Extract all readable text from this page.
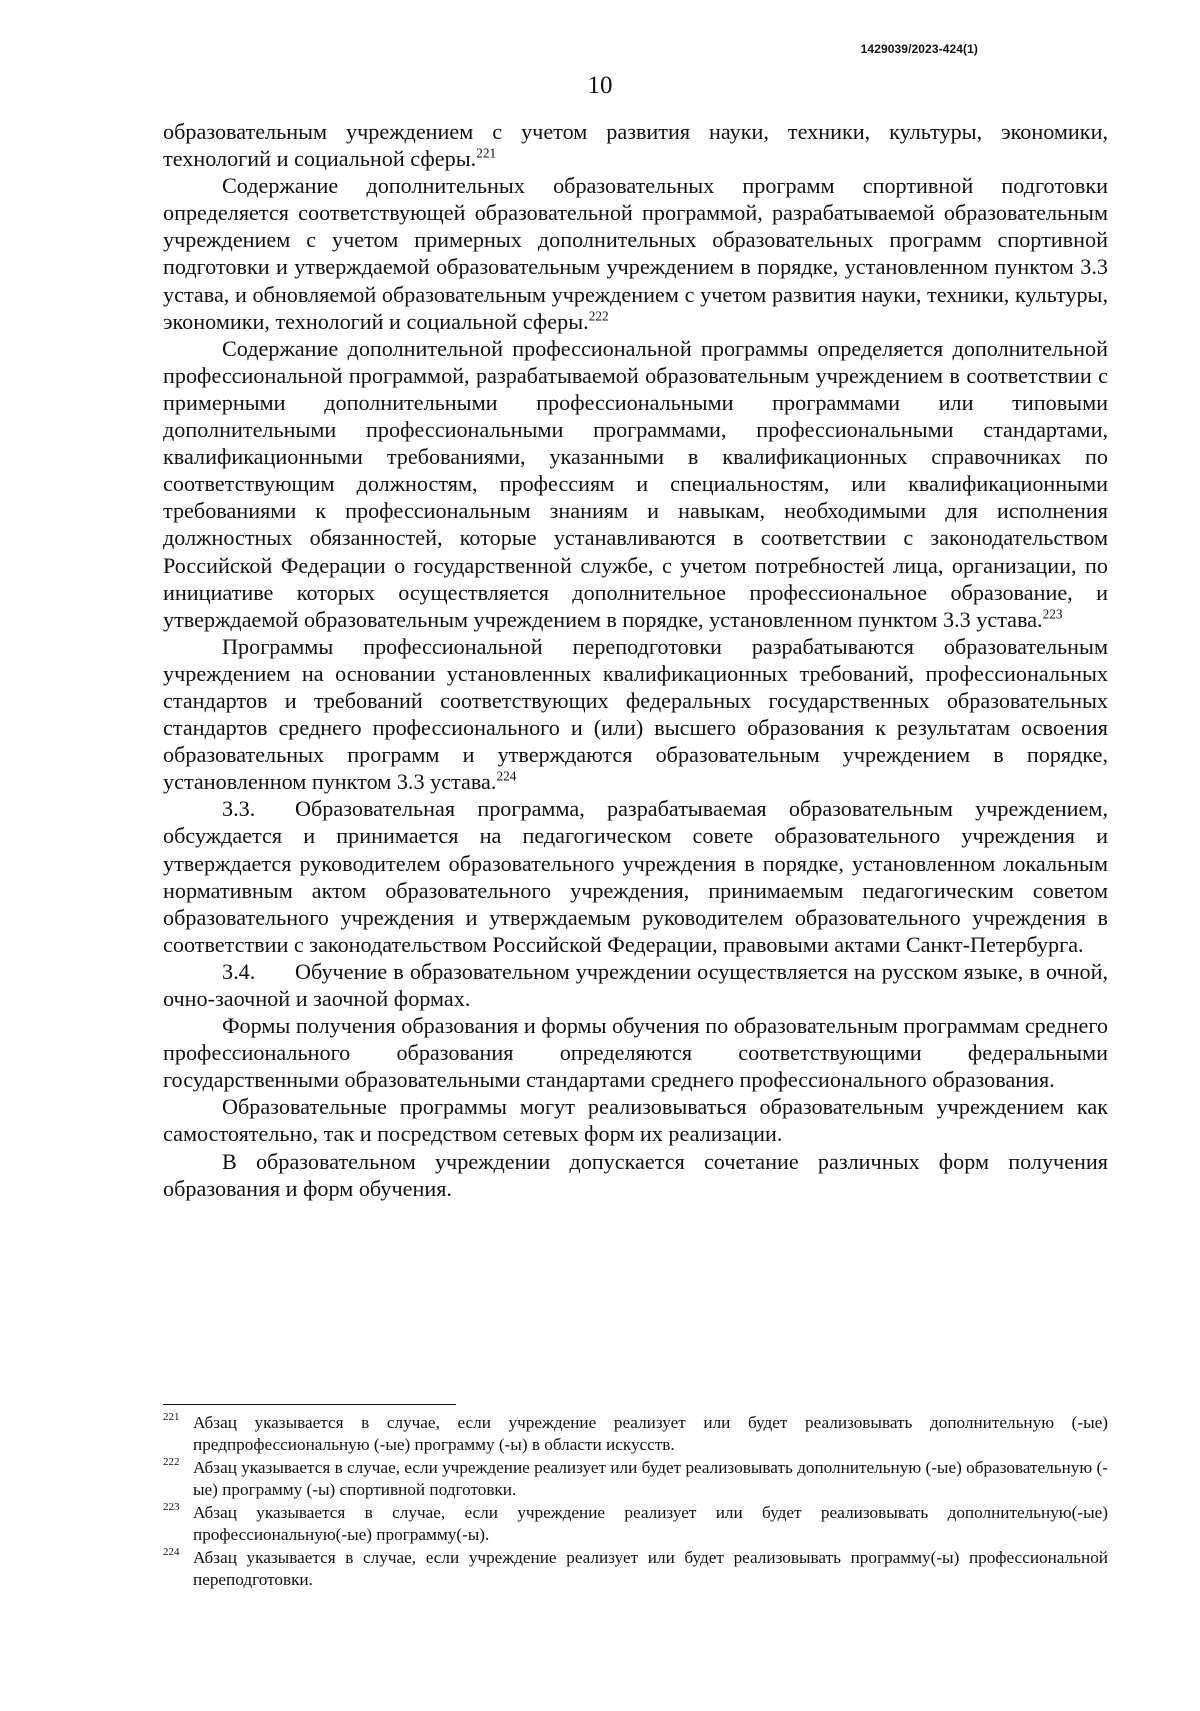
1429039/2023-424(1)
10

образовательным учреждением с учетом развития науки, техники, культуры, экономики, технологий и социальной сферы.$^{221}$

Содержание дополнительных образовательных программ спортивной подготовки определяется соответствующей образовательной программой, разрабатываемой образовательным учреждением с учетом примерных дополнительных образовательных программ спортивной подготовки и утверждаемой образовательным учреждением в порядке, установленном пунктом 3.3 устава, и обновляемой образовательным учреждением с учетом развития науки, техники, культуры, экономики, технологий и социальной сферы.$^{222}$

Содержание дополнительной профессиональной программы определяется дополнительной профессиональной программой, разрабатываемой образовательным учреждением в соответствии с примерными дополнительными профессиональными программами или типовыми дополнительными профессиональными программами, профессиональными стандартами, квалификационными требованиями, указанными в квалификационных справочниках по соответствующим должностям, профессиям и специальностям, или квалификационными требованиями к профессиональным знаниям и навыкам, необходимыми для исполнения должностных обязанностей, которые устанавливаются в соответствии с законодательством Российской Федерации о государственной службе, с учетом потребностей лица, организации, по инициативе которых осуществляется дополнительное профессиональное образование, и утверждаемой образовательным учреждением в порядке, установленном пунктом 3.3 устава.$^{223}$

Программы профессиональной переподготовки разрабатываются образовательным учреждением на основании установленных квалификационных требований, профессиональных стандартов и требований соответствующих федеральных государственных образовательных стандартов среднего профессионального и (или) высшего образования к результатам освоения образовательных программ и утверждаются образовательным учреждением в порядке, установленном пунктом 3.3 устава.$^{224}$

3.3. Образовательная программа, разрабатываемая образовательным учреждением, обсуждается и принимается на педагогическом совете образовательного учреждения и утверждается руководителем образовательного учреждения в порядке, установленном локальным нормативным актом образовательного учреждения, принимаемым педагогическим советом образовательного учреждения и утверждаемым руководителем образовательного учреждения в соответствии с законодательством Российской Федерации, правовыми актами Санкт-Петербурга.

3.4. Обучение в образовательном учреждении осуществляется на русском языке, в очной, очно-заочной и заочной формах.

Формы получения образования и формы обучения по образовательным программам среднего профессионального образования определяются соответствующими федеральными государственными образовательными стандартами среднего профессионального образования.

Образовательные программы могут реализовываться образовательным учреждением как самостоятельно, так и посредством сетевых форм их реализации.

В образовательном учреждении допускается сочетание различных форм получения образования и форм обучения.

221 Абзац указывается в случае, если учреждение реализует или будет реализовывать дополнительную (-ые) предпрофессиональную (-ые) программу (-ы) в области искусств.
222 Абзац указывается в случае, если учреждение реализует или будет реализовывать дополнительную (-ые) образовательную (-ые) программу (-ы) спортивной подготовки.
223 Абзац указывается в случае, если учреждение реализует или будет реализовывать дополнительную(-ые) профессиональную(-ые) программу(-ы).
224 Абзац указывается в случае, если учреждение реализует или будет реализовывать программу(-ы) профессиональной переподготовки.
